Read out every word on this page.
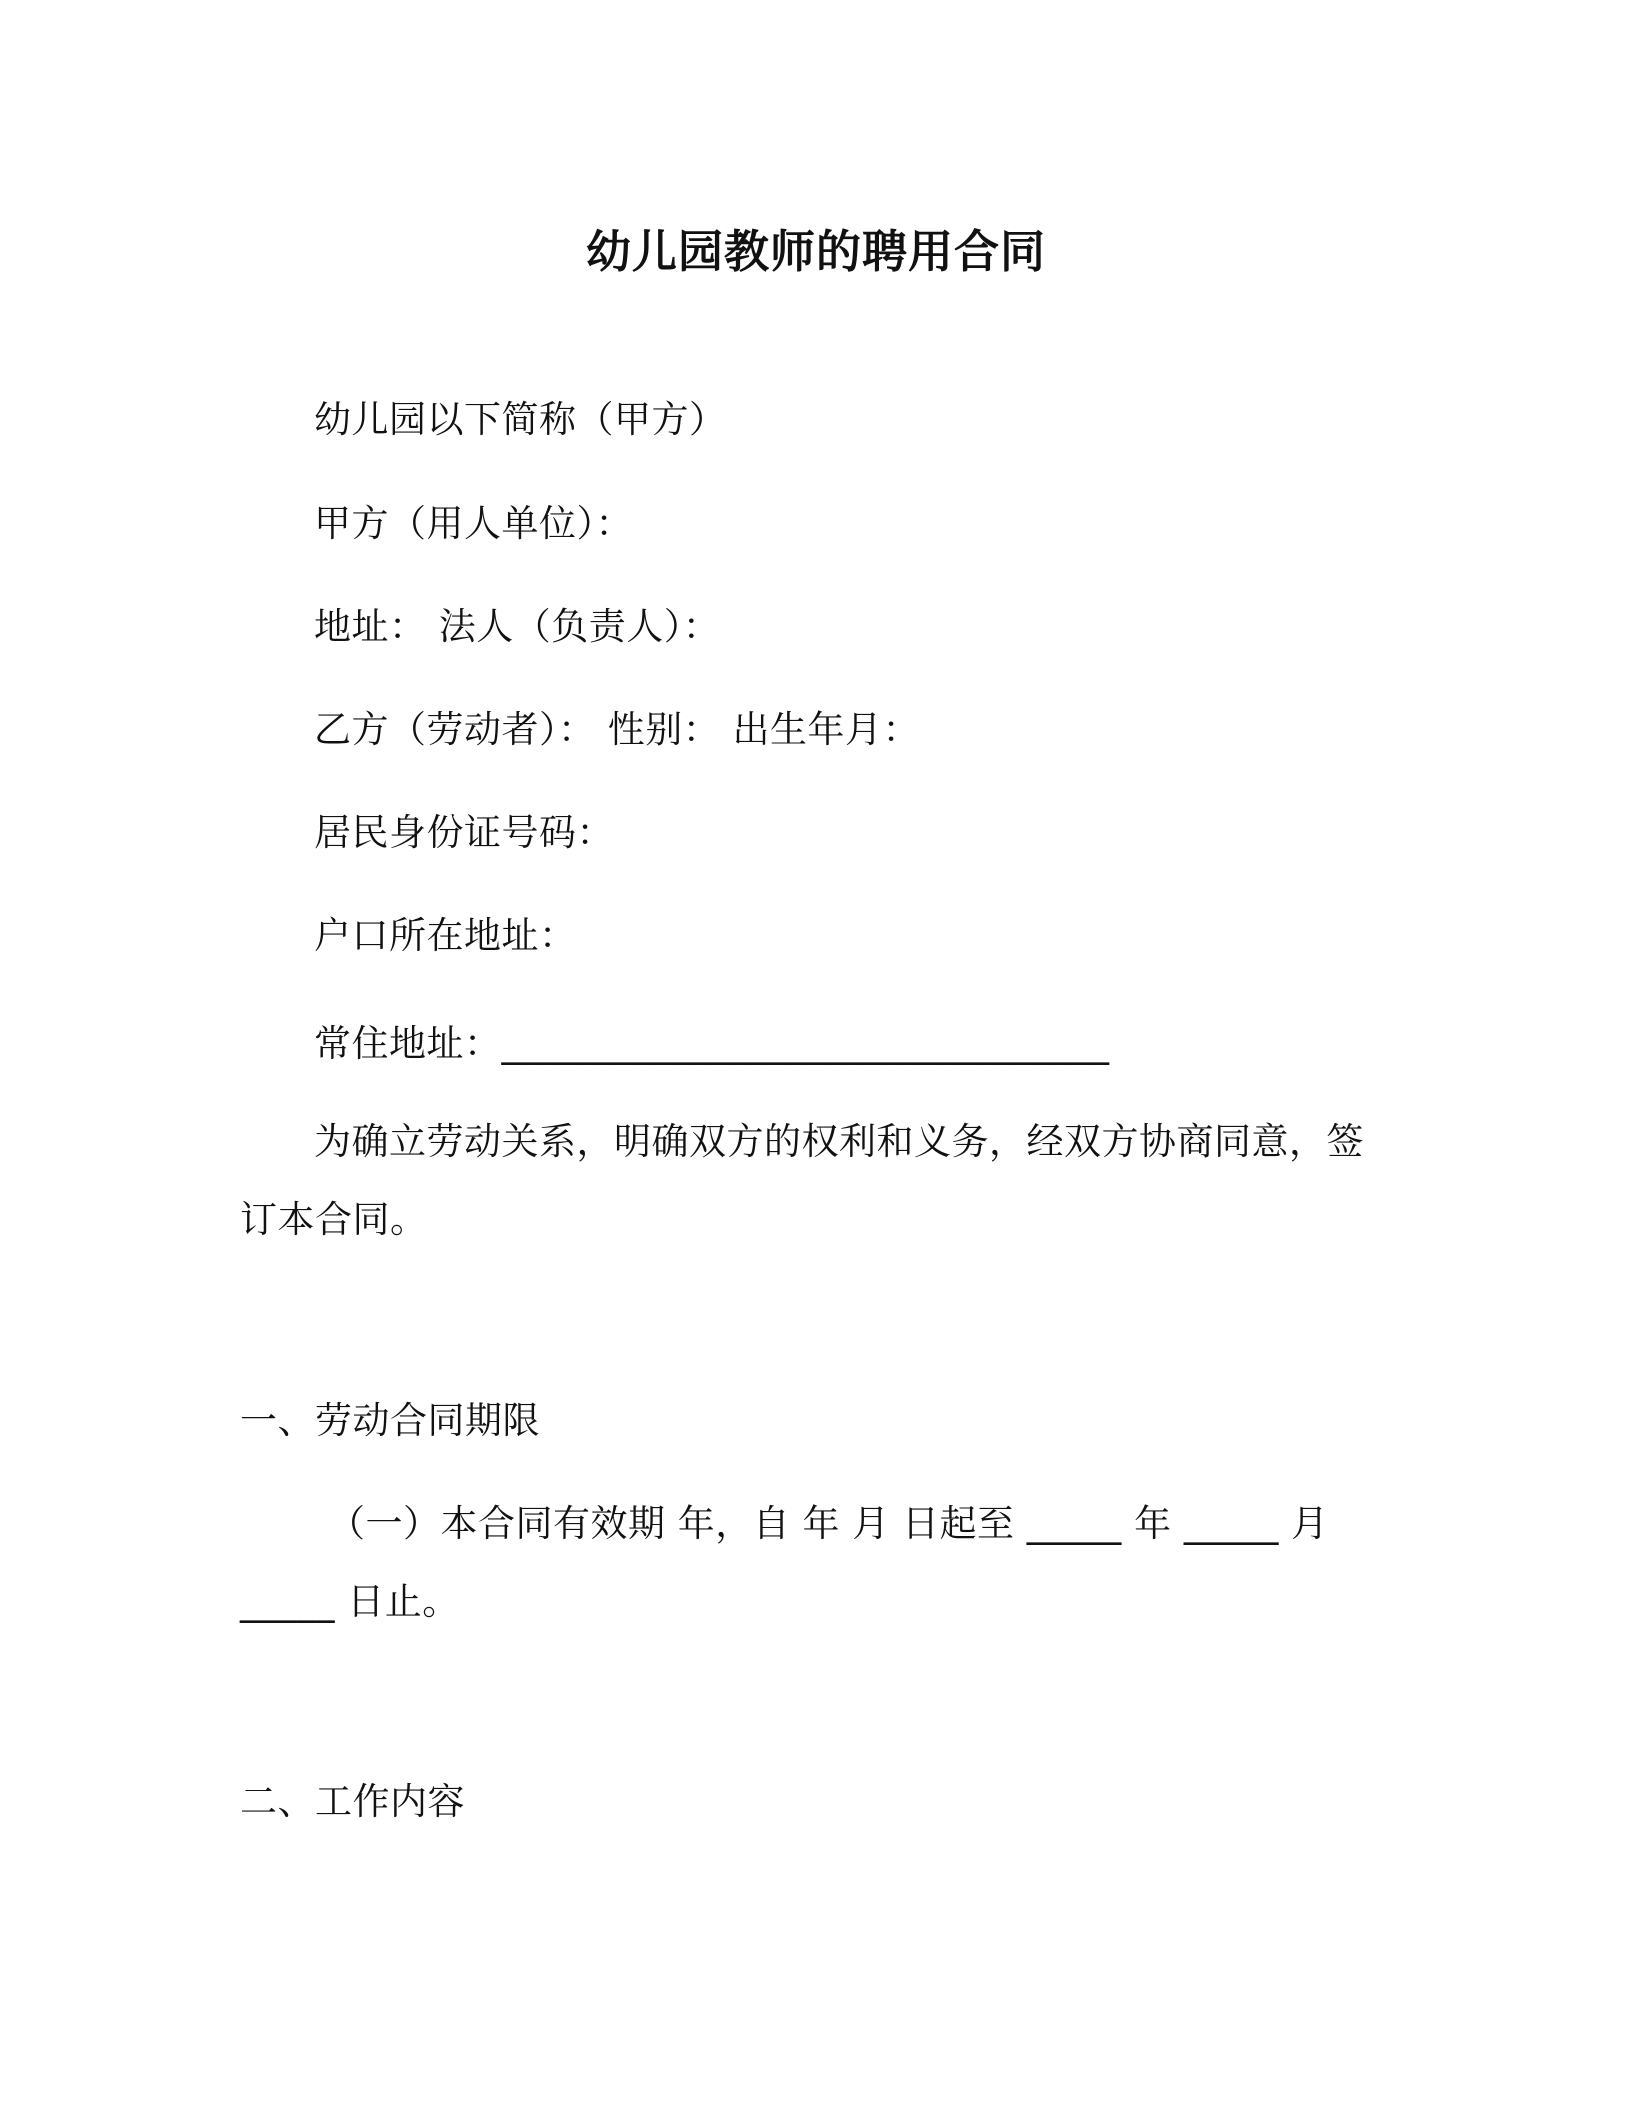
幼儿园教师的聘用合同
幼儿园以下简称（甲方）
甲方（用人单位）：
地址： 法人（负责人）：
乙方（劳动者）： 性别： 出生年月：
居民身份证号码：
户口所在地址：
常住地址：________________________________
为确立劳动关系，明确双方的权利和义务，经双方协商同意，签
订本合同。
一、劳动合同期限
（一）本合同有效期 年，自 年 月 日起至 _____ 年 _____ 月
_____ 日止。
二、工作内容
